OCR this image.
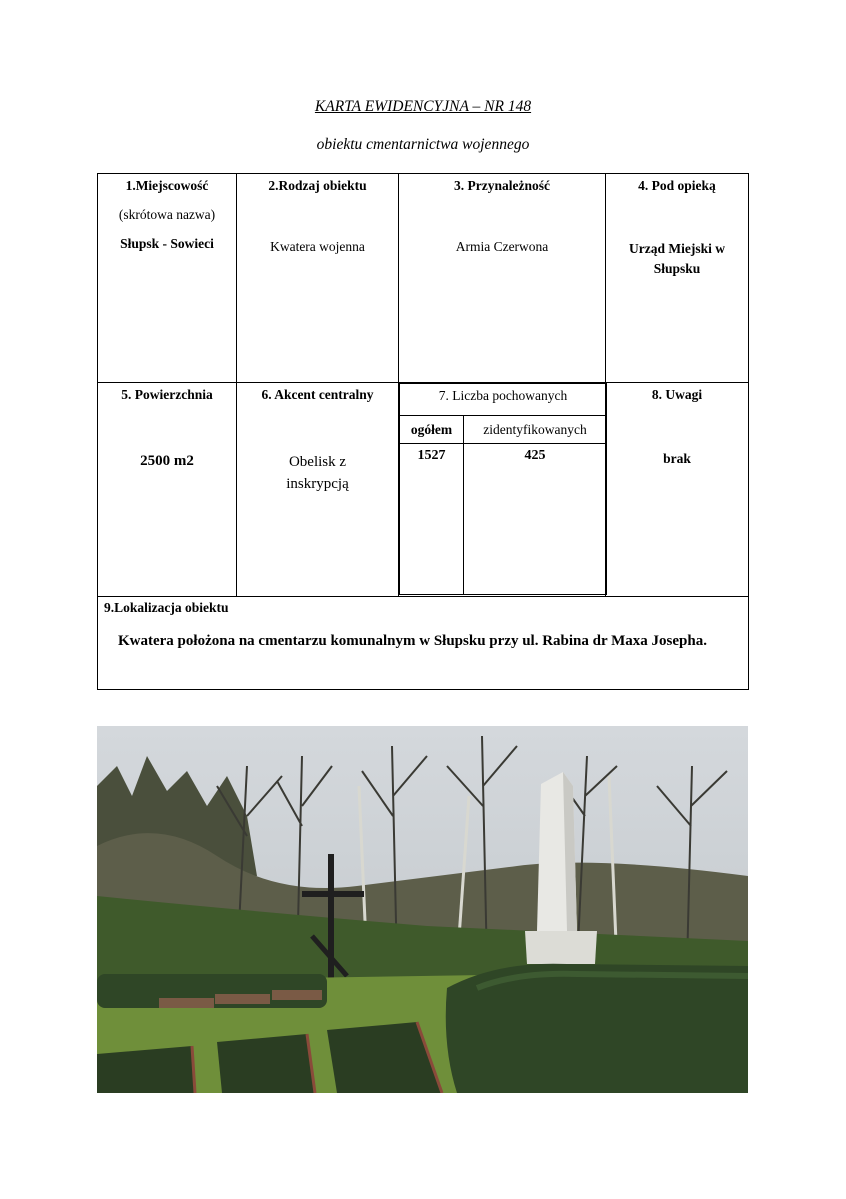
KARTA EWIDENCYJNA – NR 148
obiektu cmentarnictwa wojennego
1.Miejscowość
(skrótowa nazwa)
Słupsk - Sowieci

2.Rodzaj obiektu
Kwatera wojenna

3. Przynależność
Armia Czerwona

4. Pod opieką
Urząd Miejski w Słupsku

5. Powierzchnia
2500 m2

6. Akcent centralny
Obelisk z inskrypcją

7. Liczba pochowanych

ogółem	zidentyfikowanych
1527	425

8. Uwagi
brak

9.Lokalizacja obiektu
Kwatera położona na cmentarzu komunalnym w Słupsku przy ul. Rabina dr Maxa Josepha.
